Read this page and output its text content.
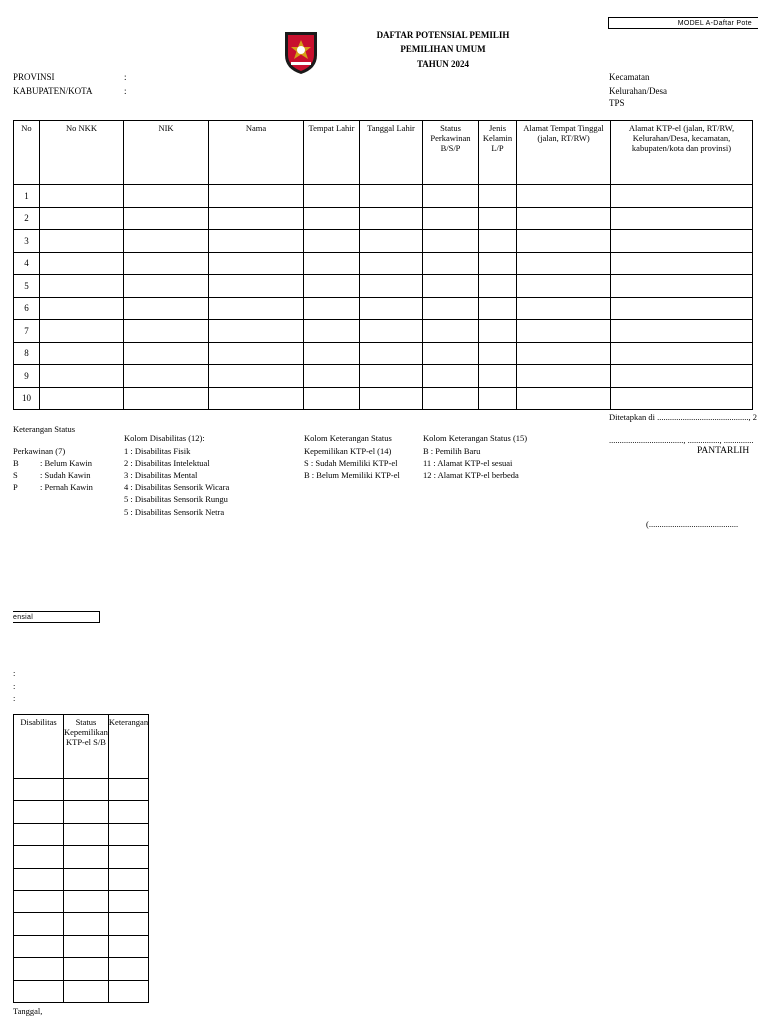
MODEL A-Daftar Pote
DAFTAR POTENSIAL PEMILIH
PEMILIHAN UMUM
TAHUN 2024
PROVINSI	:
KABUPATEN/KOTA	:
Kecamatan
Kelurahan/Desa
TPS
No	No NKK	NIK	Nama	Tempat Lahir	Tanggal Lahir	Status Perkawinan B/S/P	Jenis Kelamin L/P	Alamat Tempat Tinggal (jalan, RT/RW)	Alamat KTP-el (jalan, RT/RW, Kelurahan/Desa, kecamatan, kabupaten/kota dan provinsi)
1									
2									
3									
4									
5									
6									
7									
8									
9									
10									
Ditetapkan di ..........................................., 2
..................................., ..............., ..............
PANTARLIH
(..........................................
Keterangan Status
Perkawinan (7)
B	: Belum Kawin
S	: Sudah Kawin
P	: Pernah Kawin
Kolom Disabilitas (12):
1 : Disabilitas Fisik
2 : Disabilitas Intelektual
3 : Disabilitas Mental
4 : Disabilitas Sensorik Wicara
5 : Disabilitas Sensorik Rungu
5 : Disabilitas Sensorik Netra
Kolom Keterangan Status
Kepemilikan KTP-el (14)
S : Sudah Memiliki KTP-el
B : Belum Memiliki KTP-el
Kolom Keterangan Status (15)
B : Pemilih Baru
11 : Alamat KTP-el sesuai
12 : Alamat KTP-el berbeda
ensial
:
:
:
Disabilitas	Status Kepemilikan KTP-el S/B	Keterangan

Tanggal,
